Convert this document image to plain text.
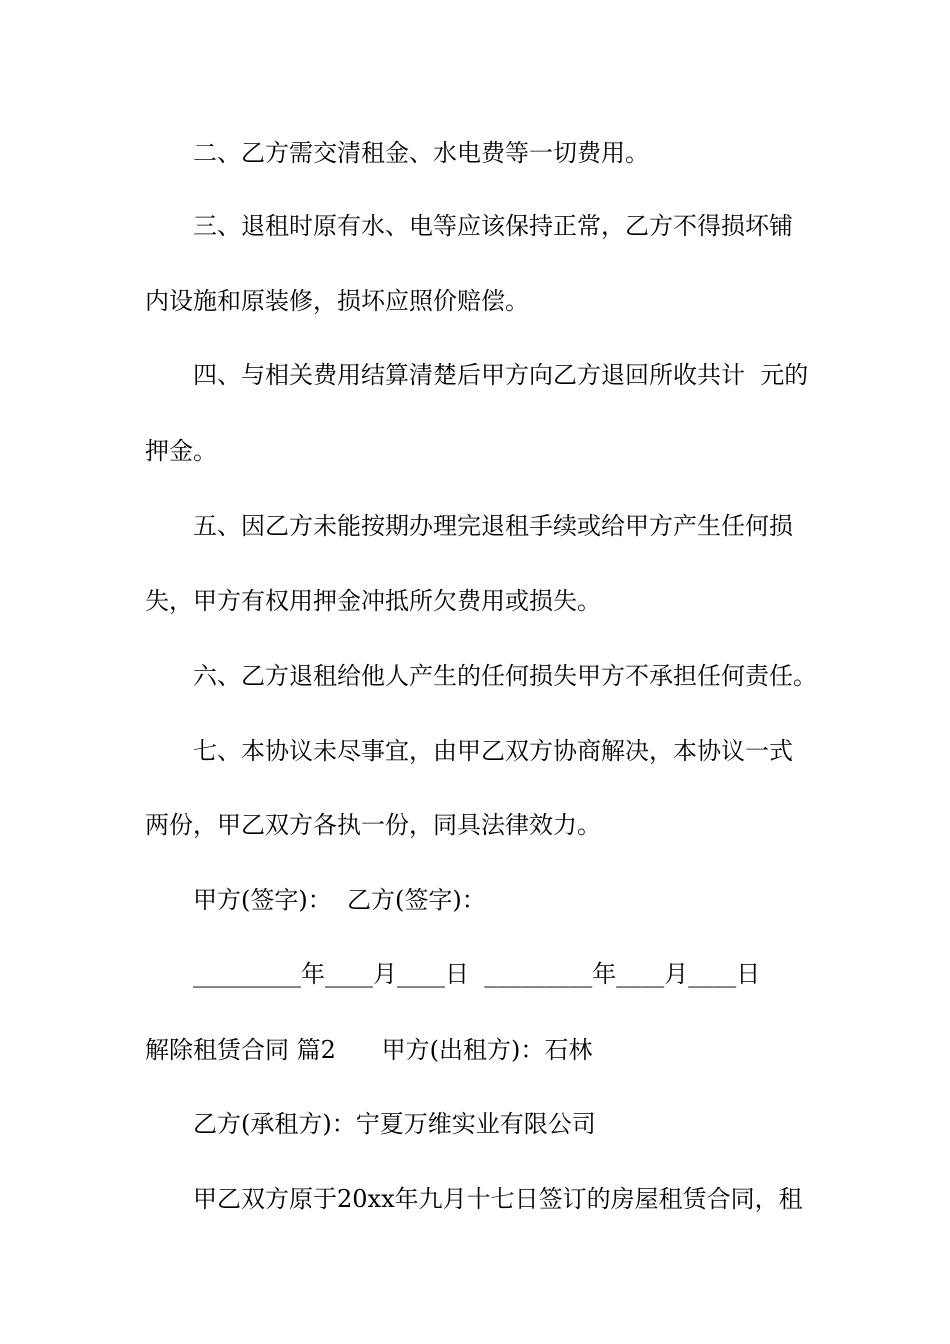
二、乙方需交清租金、水电费等一切费用。
三、退租时原有水、电等应该保持正常，乙方不得损坏铺
内设施和原装修，损坏应照价赔偿。
四、与相关费用结算清楚后甲方向乙方退回所收共计  元的
押金。
五、因乙方未能按期办理完退租手续或给甲方产生任何损
失，甲方有权用押金冲抵所欠费用或损失。
六、乙方退租给他人产生的任何损失甲方不承担任何责任。
七、本协议未尽事宜，由甲乙双方协商解决，本协议一式
两份，甲乙双方各执一份，同具法律效力。
甲方(签字)：  乙方(签字)：
_________年____月____日  _________年____月____日
解除租赁合同 篇2      甲方(出租方)：石林
乙方(承租方)：宁夏万维实业有限公司
甲乙双方原于20xx年九月十七日签订的房屋租赁合同，租
